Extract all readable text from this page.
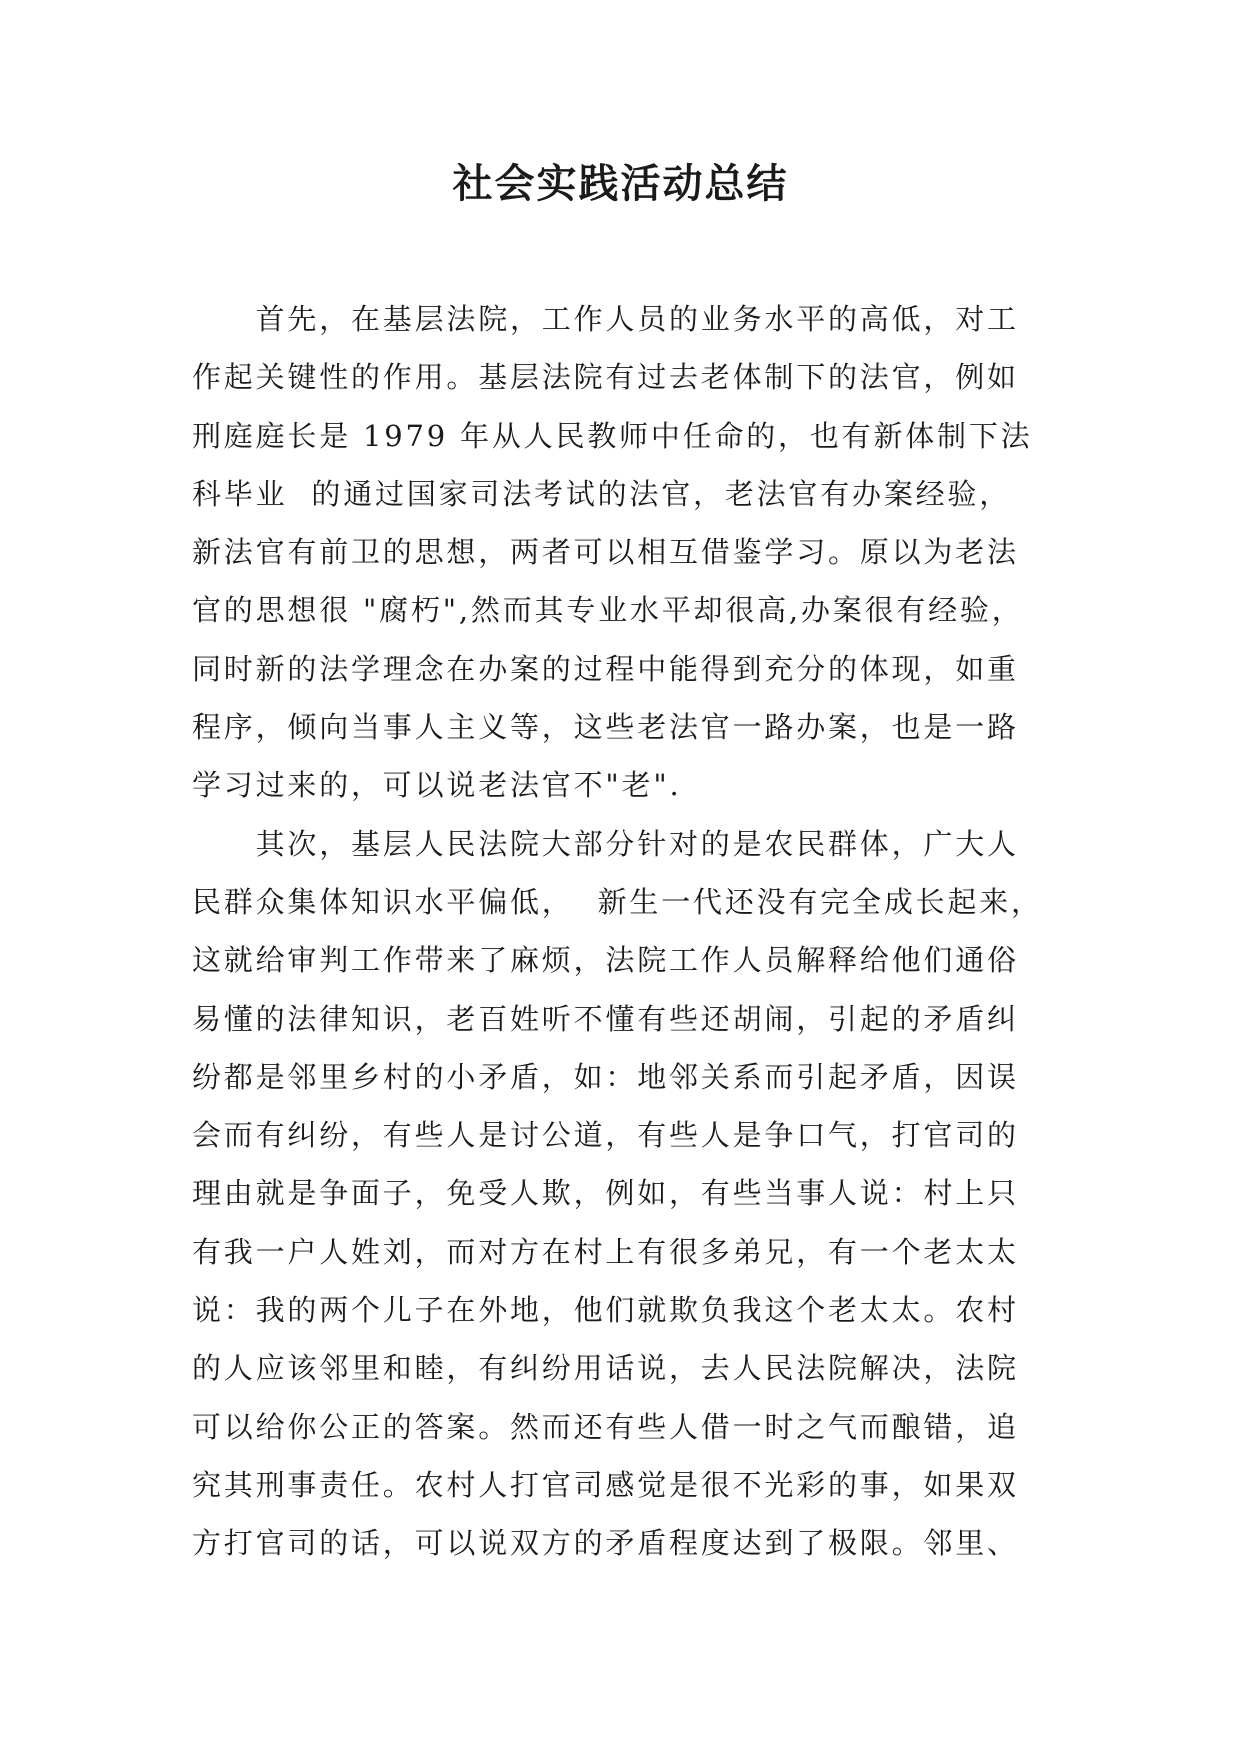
社会实践活动总结
　　首先，在基层法院，工作人员的业务水平的高低，对工
作起关键性的作用。基层法院有过去老体制下的法官，例如
刑庭庭长是 1979 年从人民教师中任命的，也有新体制下法
科毕业  的通过国家司法考试的法官，老法官有办案经验，
新法官有前卫的思想，两者可以相互借鉴学习。原以为老法
官的思想很 "腐朽",然而其专业水平却很高,办案很有经验，
同时新的法学理念在办案的过程中能得到充分的体现，如重
程序，倾向当事人主义等，这些老法官一路办案，也是一路
学习过来的，可以说老法官不"老".
　　其次，基层人民法院大部分针对的是农民群体，广大人
民群众集体知识水平偏低，  新生一代还没有完全成长起来，
这就给审判工作带来了麻烦，法院工作人员解释给他们通俗
易懂的法律知识，老百姓听不懂有些还胡闹，引起的矛盾纠
纷都是邻里乡村的小矛盾，如：地邻关系而引起矛盾，因误
会而有纠纷，有些人是讨公道，有些人是争口气，打官司的
理由就是争面子，免受人欺，例如，有些当事人说：村上只
有我一户人姓刘，而对方在村上有很多弟兄，有一个老太太
说：我的两个儿子在外地，他们就欺负我这个老太太。农村
的人应该邻里和睦，有纠纷用话说，去人民法院解决，法院
可以给你公正的答案。然而还有些人借一时之气而酿错，追
究其刑事责任。农村人打官司感觉是很不光彩的事，如果双
方打官司的话，可以说双方的矛盾程度达到了极限。邻里、
